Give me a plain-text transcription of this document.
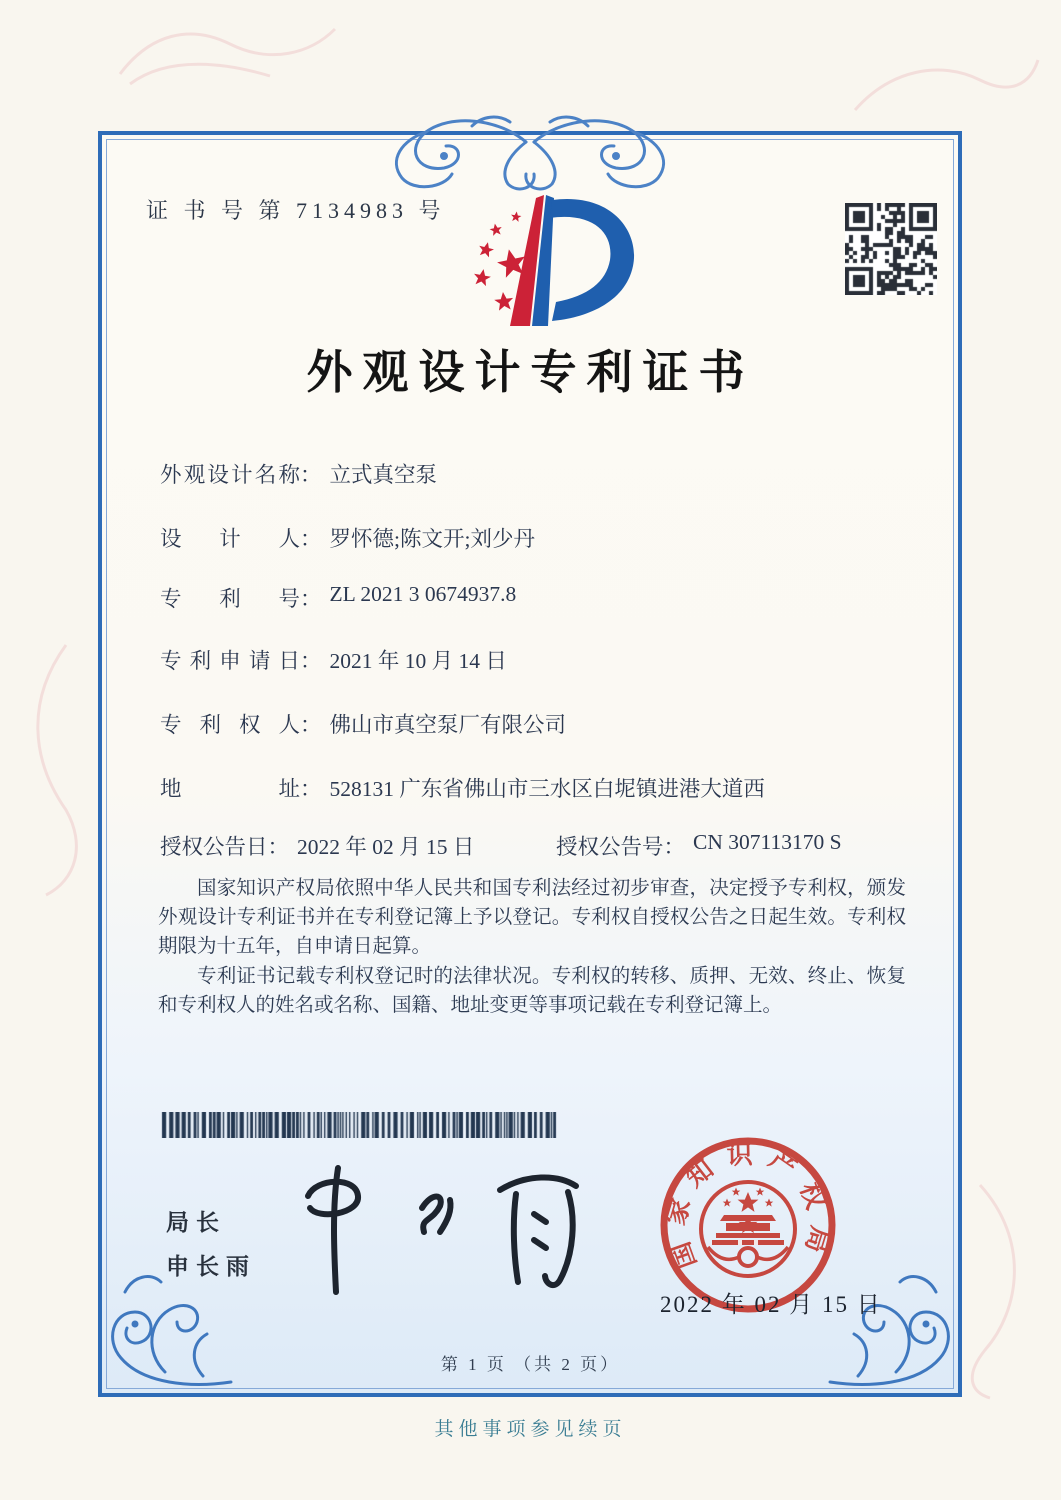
证 书 号 第 7134983 号
外观设计专利证书
外观设计名称 ： 立式真空泵
设 计 人 ： 罗怀德;陈文开;刘少丹
专 利 号 ： ZL 2021 3 0674937.8
专利申请日 ： 2021 年 10 月 14 日
专 利 权 人 ： 佛山市真空泵厂有限公司
地 址 ： 528131 广东省佛山市三水区白坭镇进港大道西
授权公告日 ： 2022 年 02 月 15 日	授权公告号 ： CN 307113170 S
国家知识产权局依照中华人民共和国专利法经过初步审查，决定授予专利权，颁发外观设计专利证书并在专利登记簿上予以登记。专利权自授权公告之日起生效。专利权期限为十五年，自申请日起算。
专利证书记载专利权登记时的法律状况。专利权的转移、质押、无效、终止、恢复和专利权人的姓名或名称、国籍、地址变更等事项记载在专利登记簿上。
局长
申长雨	国家知识产权局
2022 年 02 月 15 日
第 1 页 （共 2 页）
其他事项参见续页
